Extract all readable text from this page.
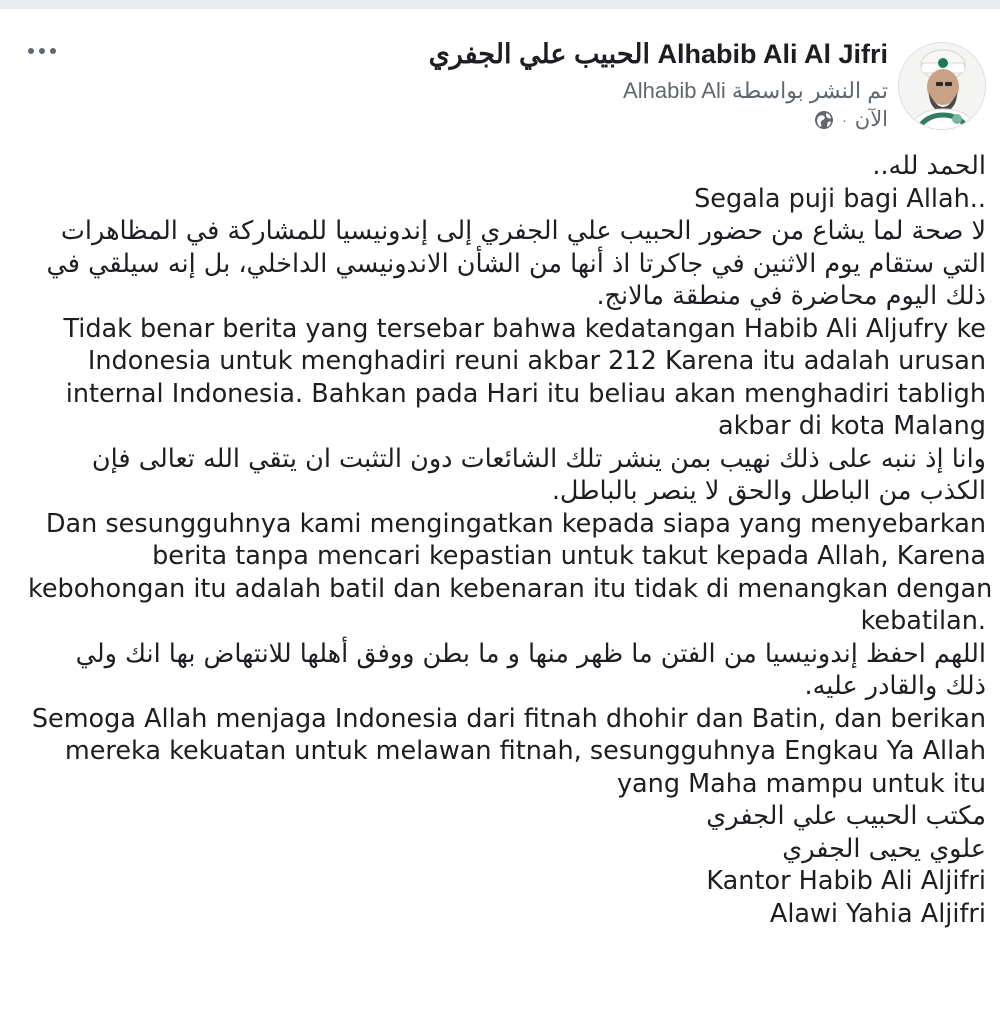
Alhabib Ali Al Jifri الحبيب علي الجفري
تم النشر بواسطة Alhabib Ali
الآن
·
الحمد لله..
Segala puji bagi Allah..
لا صحة لما يشاع من حضور الحبيب علي الجفري إلى إندونيسيا للمشاركة في المظاهرات
التي ستقام يوم الاثنين في جاكرتا اذ أنها من الشأن الاندونيسي الداخلي، بل إنه سيلقي في
ذلك اليوم محاضرة في منطقة مالانج.
Tidak benar berita yang tersebar bahwa kedatangan Habib Ali Aljufry ke
Indonesia untuk menghadiri reuni akbar 212 Karena itu adalah urusan
internal Indonesia. Bahkan pada Hari itu beliau akan menghadiri tabligh
akbar di kota Malang
وانا إذ ننبه على ذلك نهيب بمن ينشر تلك الشائعات دون التثبت ان يتقي الله تعالى فإن
الكذب من الباطل والحق لا ينصر بالباطل.
Dan sesungguhnya kami mengingatkan kepada siapa yang menyebarkan
berita tanpa mencari kepastian untuk takut kepada Allah, Karena
kebohongan itu adalah batil dan kebenaran itu tidak di menangkan dengan
kebatilan.
اللهم احفظ إندونيسيا من الفتن ما ظهر منها و ما بطن ووفق أهلها للانتهاض بها انك ولي
ذلك والقادر عليه.
Semoga Allah menjaga Indonesia dari fitnah dhohir dan Batin, dan berikan
mereka kekuatan untuk melawan fitnah, sesungguhnya Engkau Ya Allah
yang Maha mampu untuk itu
مكتب الحبيب علي الجفري
علوي يحيى الجفري
Kantor Habib Ali Aljifri
Alawi Yahia Aljifri
